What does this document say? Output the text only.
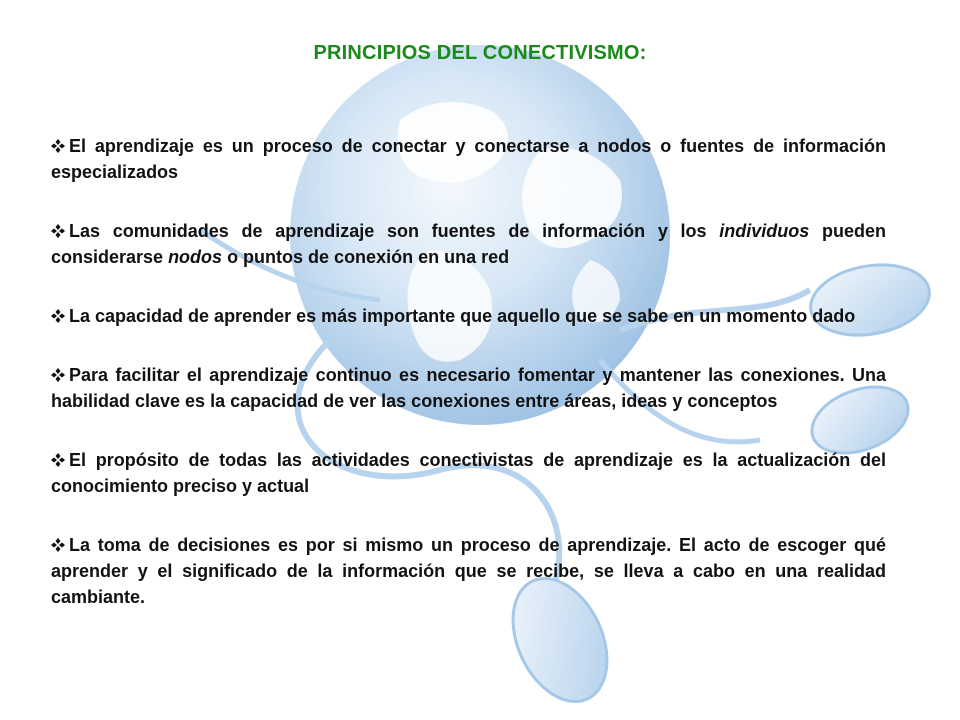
PRINCIPIOS DEL CONECTIVISMO:

El aprendizaje es un proceso de conectar y conectarse a nodos o fuentes de información especializados

Las comunidades de aprendizaje son fuentes de información y los individuos pueden considerarse nodos o puntos de conexión en una red

La capacidad de aprender es más importante que aquello que se sabe en un momento dado

Para facilitar el aprendizaje continuo es necesario fomentar y mantener las conexiones. Una habilidad clave es la capacidad de ver las conexiones entre áreas, ideas y conceptos

El propósito de todas las actividades conectivistas de aprendizaje es la actualización del conocimiento preciso y actual

La toma de decisiones es por si mismo un proceso de aprendizaje. El acto de escoger qué aprender y el significado de la información que se recibe, se lleva a cabo en una realidad cambiante.
